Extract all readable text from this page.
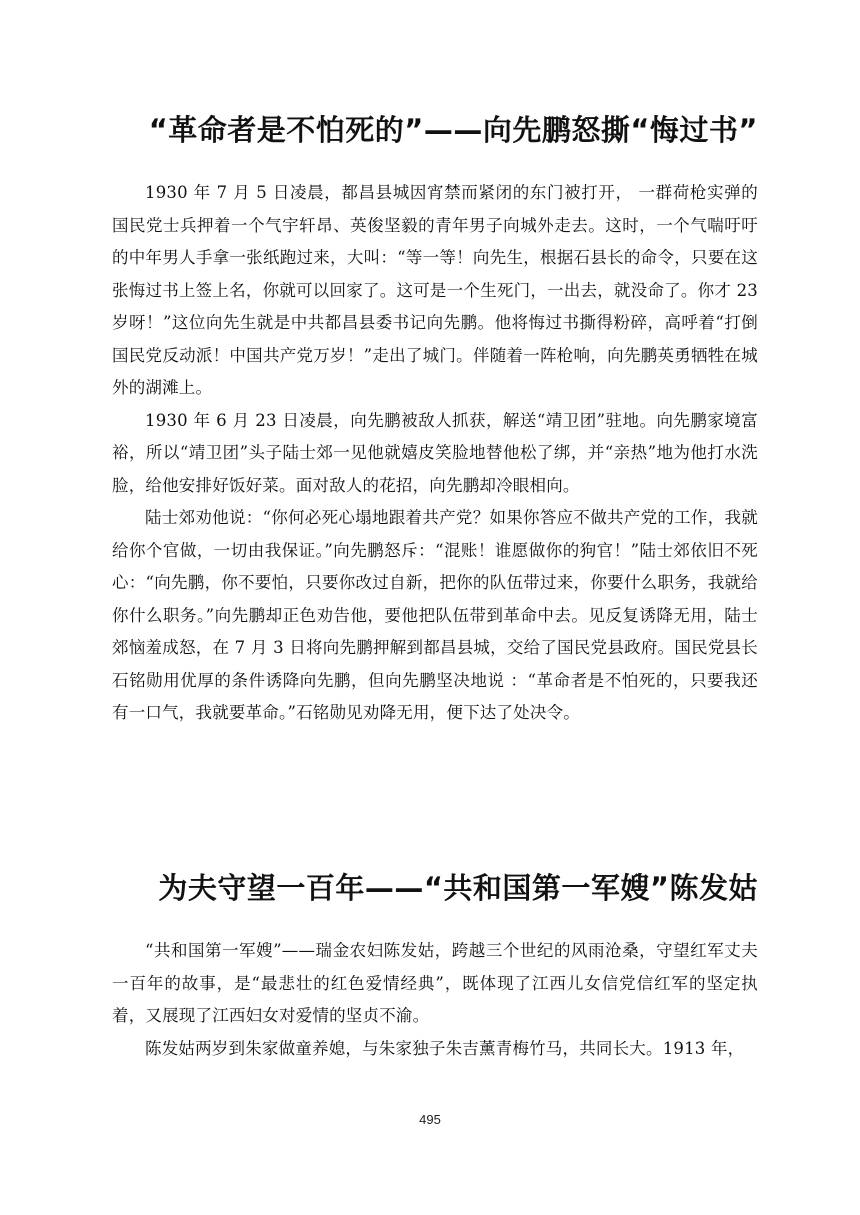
“革命者是不怕死的”——向先鹏怒撕“悔过书”

1930 年 7 月 5 日凌晨，都昌县城因宵禁而紧闭的东门被打开， 一群荷枪实弹的国民党士兵押着一个气宇轩昂、英俊坚毅的青年男子向城外走去。这时，一个气喘吁吁的中年男人手拿一张纸跑过来，大叫：“等一等！向先生，根据石县长的命令，只要在这张悔过书上签上名，你就可以回家了。这可是一个生死门，一出去，就没命了。你才 23 岁呀！”这位向先生就是中共都昌县委书记向先鹏。他将悔过书撕得粉碎，高呼着“打倒国民党反动派！中国共产党万岁！”走出了城门。伴随着一阵枪响，向先鹏英勇牺牲在城外的湖滩上。

1930 年 6 月 23 日凌晨，向先鹏被敌人抓获，解送“靖卫团”驻地。向先鹏家境富裕，所以“靖卫团”头子陆士郊一见他就嬉皮笑脸地替他松了绑，并“亲热”地为他打水洗脸，给他安排好饭好菜。面对敌人的花招，向先鹏却冷眼相向。

陆士郊劝他说：“你何必死心塌地跟着共产党？如果你答应不做共产党的工作，我就给你个官做，一切由我保证。”向先鹏怒斥：“混账！谁愿做你的狗官！”陆士郊依旧不死心：“向先鹏，你不要怕，只要你改过自新，把你的队伍带过来，你要什么职务，我就给你什么职务。”向先鹏却正色劝告他，要他把队伍带到革命中去。见反复诱降无用，陆士郊恼羞成怒，在 7 月 3 日将向先鹏押解到都昌县城，交给了国民党县政府。国民党县长石铭勋用优厚的条件诱降向先鹏，但向先鹏坚决地说 ：“革命者是不怕死的，只要我还有一口气，我就要革命。”石铭勋见劝降无用，便下达了处决令。

为夫守望一百年——“共和国第一军嫂”陈发姑

“共和国第一军嫂”——瑞金农妇陈发姑，跨越三个世纪的风雨沧桑，守望红军丈夫一百年的故事，是“最悲壮的红色爱情经典”，既体现了江西儿女信党信红军的坚定执着，又展现了江西妇女对爱情的坚贞不渝。

陈发姑两岁到朱家做童养媳，与朱家独子朱吉薰青梅竹马，共同长大。1913 年，

495
